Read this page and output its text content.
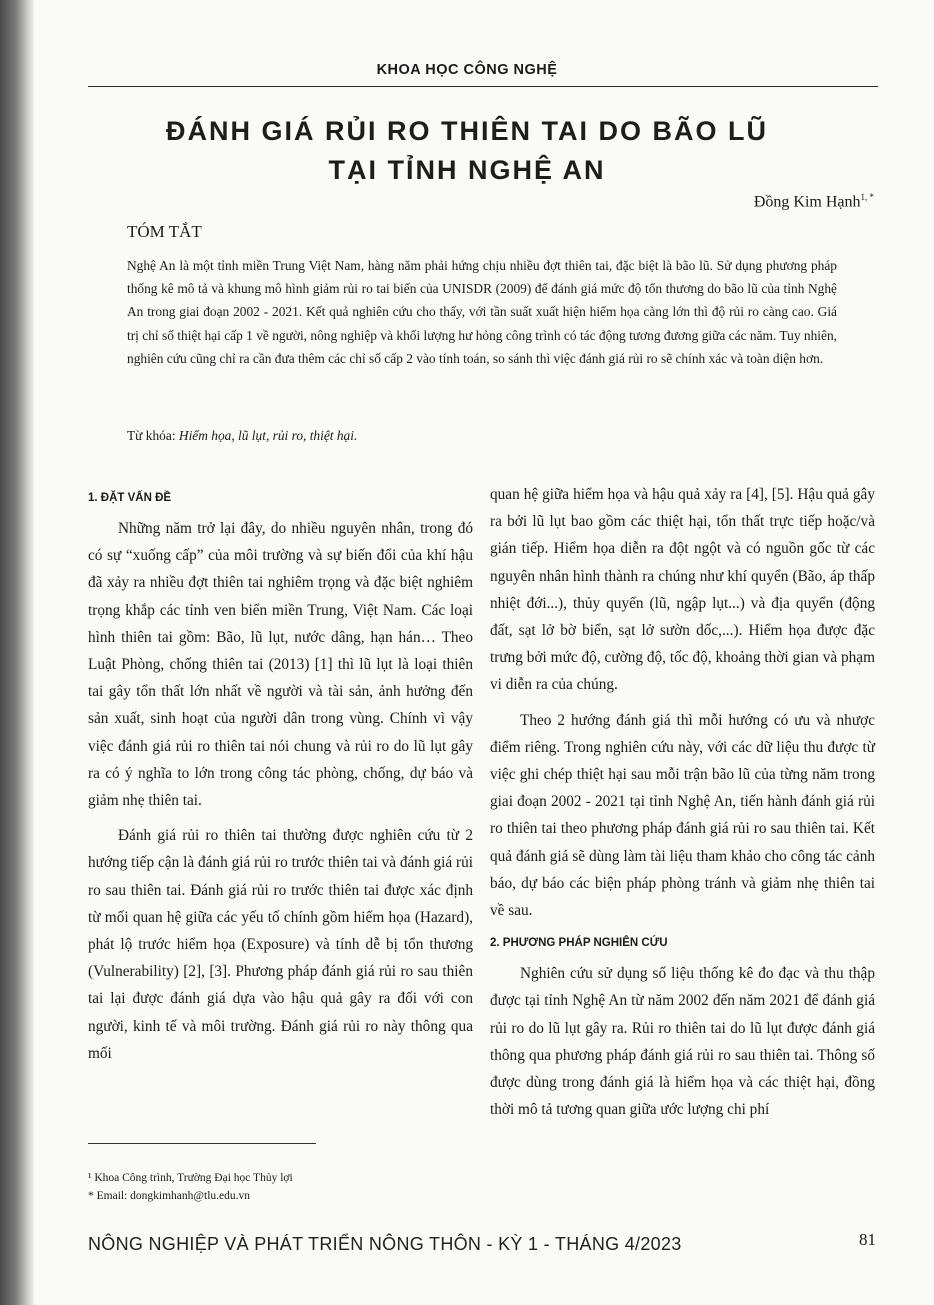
KHOA HỌC CÔNG NGHỆ
ĐÁNH GIÁ RỦI RO THIÊN TAI DO BÃO LŨ
TẠI TỈNH NGHỆ AN
Đồng Kim Hạnh$^{1, *}$
TÓM TẮT
Nghệ An là một tỉnh miền Trung Việt Nam, hàng năm phải hứng chịu nhiều đợt thiên tai, đặc biệt là bão lũ. Sử dụng phương pháp thống kê mô tả và khung mô hình giảm rủi ro tai biến của UNISDR (2009) để đánh giá mức độ tổn thương do bão lũ của tỉnh Nghệ An trong giai đoạn 2002 - 2021. Kết quả nghiên cứu cho thấy, với tần suất xuất hiện hiểm họa càng lớn thì độ rủi ro càng cao. Giá trị chỉ số thiệt hại cấp 1 về người, nông nghiệp và khối lượng hư hỏng công trình có tác động tương đương giữa các năm. Tuy nhiên, nghiên cứu cũng chỉ ra cần đưa thêm các chỉ số cấp 2 vào tính toán, so sánh thì việc đánh giá rủi ro sẽ chính xác và toàn diện hơn.
Từ khóa: Hiểm họa, lũ lụt, rủi ro, thiệt hại.
1. ĐẶT VẤN ĐỀ

Những năm trở lại đây, do nhiều nguyên nhân, trong đó có sự “xuống cấp” của môi trường và sự biến đổi của khí hậu đã xảy ra nhiều đợt thiên tai nghiêm trọng và đặc biệt nghiêm trọng khắp các tỉnh ven biển miền Trung, Việt Nam. Các loại hình thiên tai gồm: Bão, lũ lụt, nước dâng, hạn hán… Theo Luật Phòng, chống thiên tai (2013) [1] thì lũ lụt là loại thiên tai gây tổn thất lớn nhất về người và tài sản, ảnh hưởng đến sản xuất, sinh hoạt của người dân trong vùng. Chính vì vậy việc đánh giá rủi ro thiên tai nói chung và rủi ro do lũ lụt gây ra có ý nghĩa to lớn trong công tác phòng, chống, dự báo và giảm nhẹ thiên tai.

Đánh giá rủi ro thiên tai thường được nghiên cứu từ 2 hướng tiếp cận là đánh giá rủi ro trước thiên tai và đánh giá rủi ro sau thiên tai. Đánh giá rủi ro trước thiên tai được xác định từ mối quan hệ giữa các yếu tố chính gồm hiểm họa (Hazard), phát lộ trước hiểm họa (Exposure) và tính dễ bị tổn thương (Vulnerability) [2], [3]. Phương pháp đánh giá rủi ro sau thiên tai lại được đánh giá dựa vào hậu quả gây ra đối với con người, kinh tế và môi trường. Đánh giá rủi ro này thông qua mối

quan hệ giữa hiểm họa và hậu quả xảy ra [4], [5]. Hậu quả gây ra bởi lũ lụt bao gồm các thiệt hại, tổn thất trực tiếp hoặc/và gián tiếp. Hiểm họa diễn ra đột ngột và có nguồn gốc từ các nguyên nhân hình thành ra chúng như khí quyển (Bão, áp thấp nhiệt đới...), thủy quyển (lũ, ngập lụt...) và địa quyển (động đất, sạt lở bờ biển, sạt lở sườn dốc,...). Hiểm họa được đặc trưng bởi mức độ, cường độ, tốc độ, khoảng thời gian và phạm vi diễn ra của chúng.

Theo 2 hướng đánh giá thì mỗi hướng có ưu và nhược điểm riêng. Trong nghiên cứu này, với các dữ liệu thu được từ việc ghi chép thiệt hại sau mỗi trận bão lũ của từng năm trong giai đoạn 2002 - 2021 tại tỉnh Nghệ An, tiến hành đánh giá rủi ro thiên tai theo phương pháp đánh giá rủi ro sau thiên tai. Kết quả đánh giá sẽ dùng làm tài liệu tham khảo cho công tác cảnh báo, dự báo các biện pháp phòng tránh và giảm nhẹ thiên tai về sau.

2. PHƯƠNG PHÁP NGHIÊN CỨU

Nghiên cứu sử dụng số liệu thống kê đo đạc và thu thập được tại tỉnh Nghệ An từ năm 2002 đến năm 2021 để đánh giá rủi ro do lũ lụt gây ra. Rủi ro thiên tai do lũ lụt được đánh giá thông qua phương pháp đánh giá rủi ro sau thiên tai. Thông số được dùng trong đánh giá là hiểm họa và các thiệt hại, đồng thời mô tả tương quan giữa ước lượng chi phí

¹ Khoa Công trình, Trường Đại học Thủy lợi
* Email: dongkimhanh@tlu.edu.vn
NÔNG NGHIỆP VÀ PHÁT TRIỂN NÔNG THÔN - KỲ 1 - THÁNG 4/2023	81
